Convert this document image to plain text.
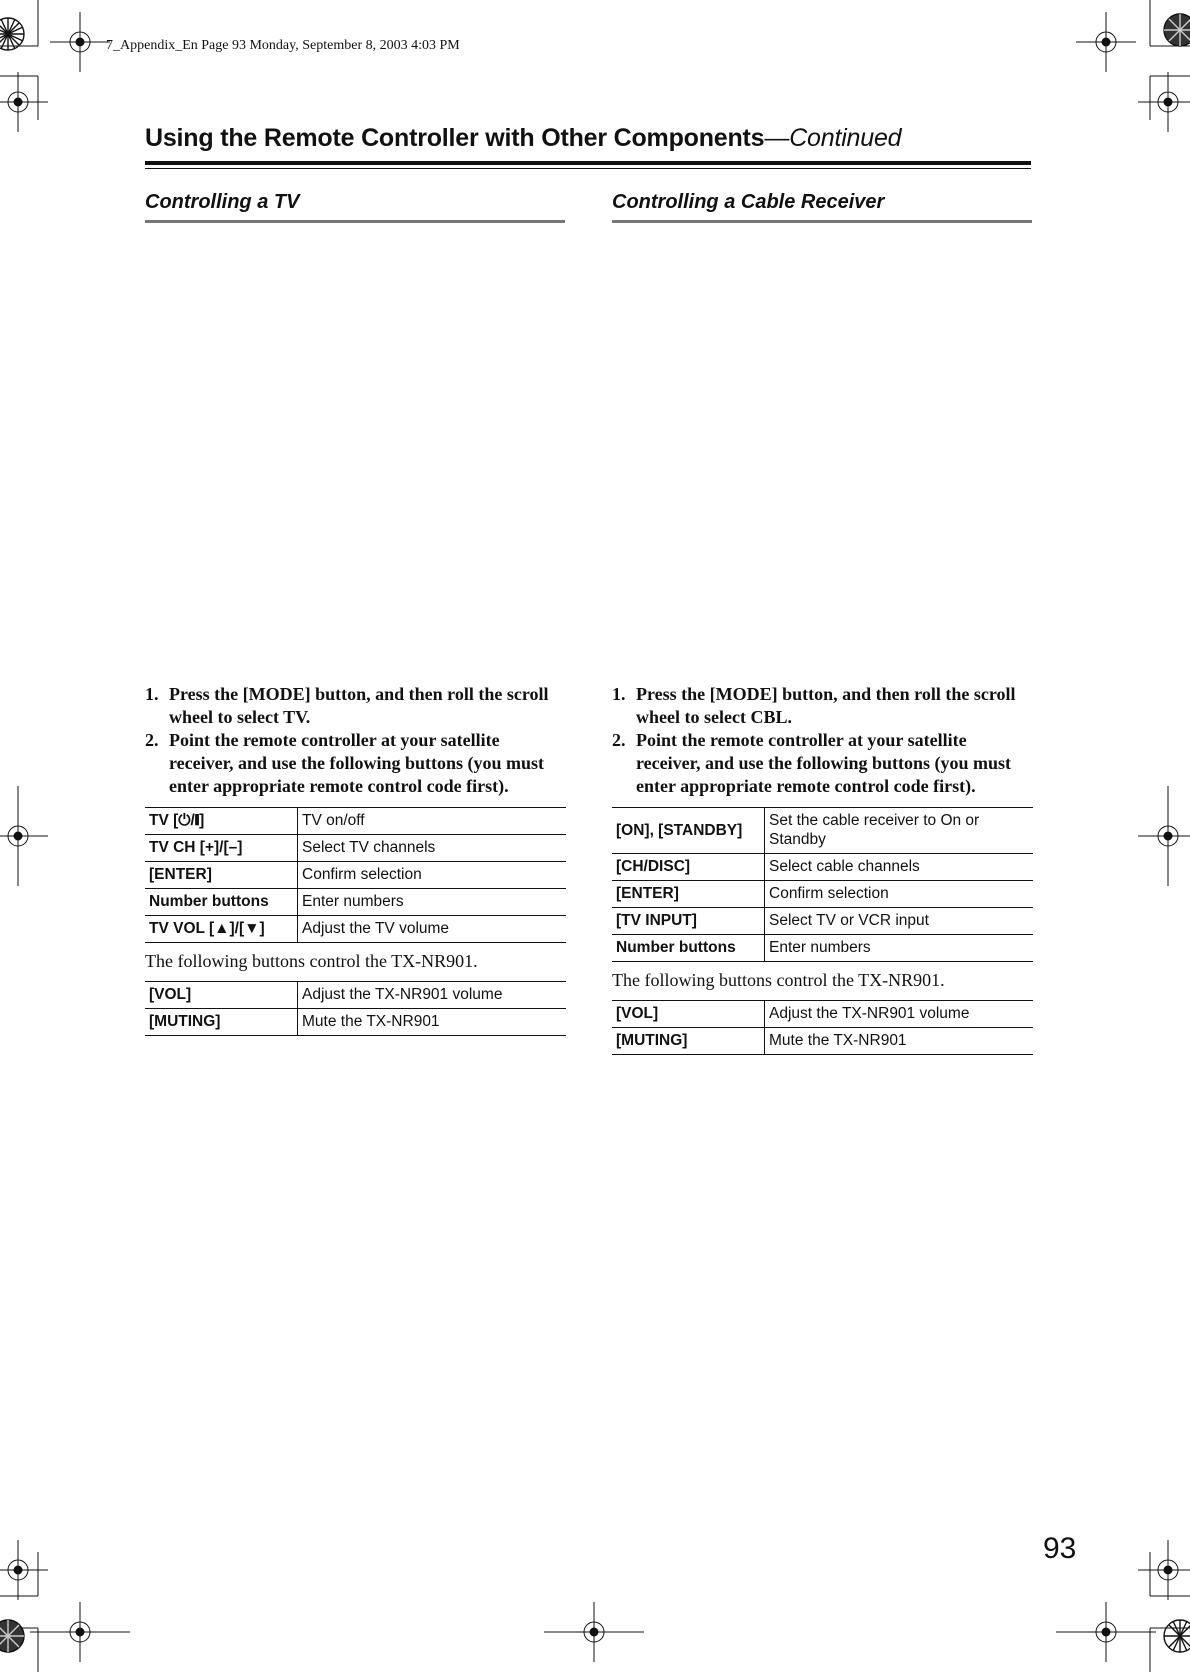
7_Appendix_En Page 93 Monday, September 8, 2003 4:03 PM
Using the Remote Controller with Other Components—Continued
Controlling a TV
1. Press the [MODE] button, and then roll the scroll wheel to select TV.
2. Point the remote controller at your satellite receiver, and use the following buttons (you must enter appropriate remote control code first).
TV [⏻/❙]	TV on/off
TV CH [+]/[–]	Select TV channels
[ENTER]	Confirm selection
Number buttons	Enter numbers
TV VOL [▲]/[▼]	Adjust the TV volume
The following buttons control the TX-NR901.
[VOL]	Adjust the TX-NR901 volume
[MUTING]	Mute the TX-NR901
Controlling a Cable Receiver
1. Press the [MODE] button, and then roll the scroll wheel to select CBL.
2. Point the remote controller at your satellite receiver, and use the following buttons (you must enter appropriate remote control code first).
[ON], [STANDBY]	Set the cable receiver to On or Standby
[CH/DISC]	Select cable channels
[ENTER]	Confirm selection
[TV INPUT]	Select TV or VCR input
Number buttons	Enter numbers
The following buttons control the TX-NR901.
[VOL]	Adjust the TX-NR901 volume
[MUTING]	Mute the TX-NR901
93
